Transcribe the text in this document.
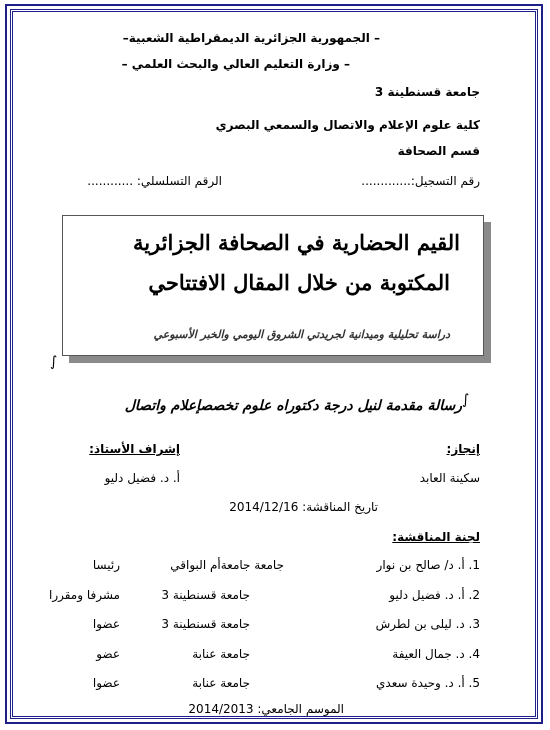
– الجمهورية الجزائرية الديمقراطية الشعبية–
– وزارة التعليم العالي والبحث العلمي –
جامعة قسنطينة 3
كلية علوم الإعلام والاتصال والسمعي البصري
قسم الصحافة
رقم التسجيل:.............
الرقم التسلسلي: ............
القيم الحضارية في الصحافة الجزائرية
المكتوبة من خلال المقال الافتتاحي
دراسة تحليلية وميدانية لجريدتي الشروق اليومي والخبر الأسبوعي
∫
رسالة مقدمة لنيل درجة دكتوراه علوم تخصصإعلام واتصال ∫
إنجاز:
إشراف الأستاذ:
سكينة العابد
أ. د. فضيل دليو
تاريخ المناقشة: 2014/12/16
لجنة المناقشة:
1. أ. د/ صالح بن نوار
جامعة جامعةأم البواقي
رئيسا
2. أ. د. فضيل دليو
جامعة قسنطينة 3
مشرفا ومقررا
3. د. ليلى بن لطرش
جامعة قسنطينة 3
عضوا
4. د. جمال العيفة
جامعة عنابة
عضو
5. أ. د. وحيدة سعدي
جامعة عنابة
عضوا
الموسم الجامعي: 2014/2013
